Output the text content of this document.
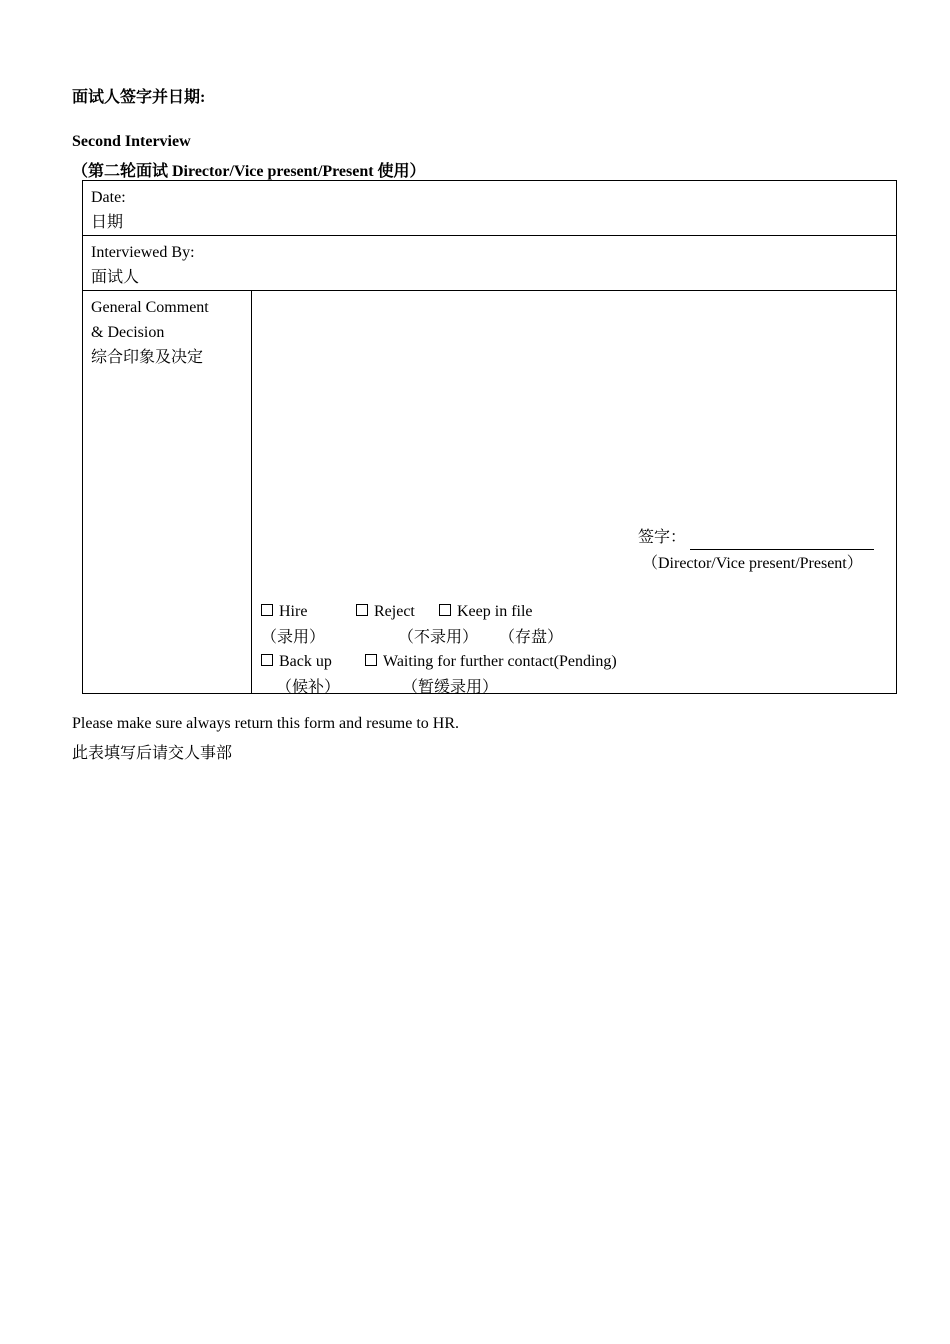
面试人签字并日期:
Second Interview
（第二轮面试 Director/Vice present/Present 使用）
Date:
日期

Interviewed By:
面试人

General Comment
& Decision
综合印象及决定

签字：
（Director/Vice present/Present）
Hire	Reject	Keep in file
（录用）	（不录用） （存盘）
Back up	Waiting for further contact(Pending)
（候补）	（暂缓录用）
Please make sure always return this form and resume to HR.
此表填写后请交人事部
